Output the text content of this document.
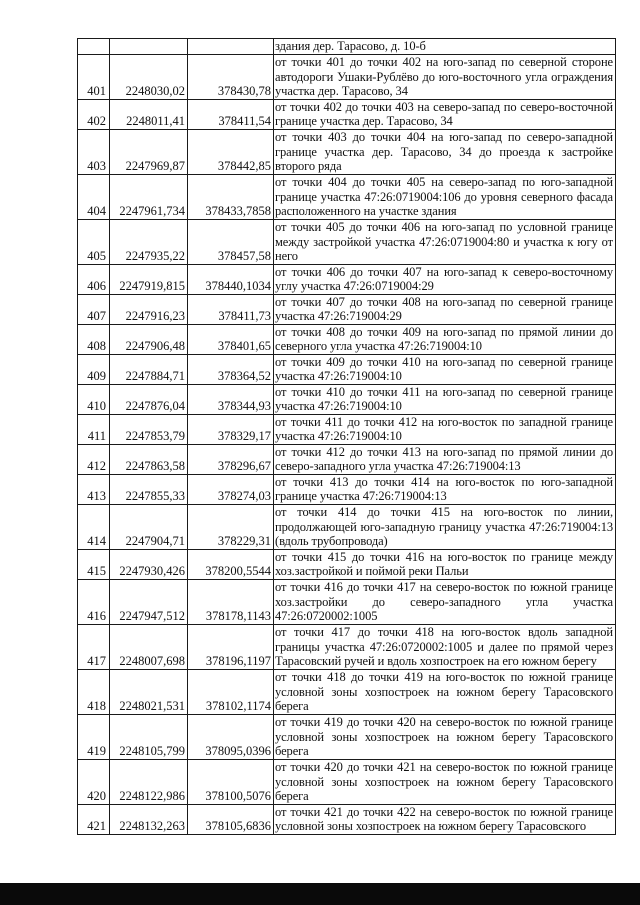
			здания дер. Тарасово, д. 10-б
401	2248030,02	378430,78	от точки 401 до точки 402 на юго-запад по северной стороне автодороги Ушаки-Рублёво до юго-восточного угла ограждения участка дер. Тарасово, 34
402	2248011,41	378411,54	от точки 402 до точки 403 на северо-запад по северо-восточной границе участка дер. Тарасово, 34
403	2247969,87	378442,85	от точки 403 до точки 404 на юго-запад по северо-западной границе участка дер. Тарасово, 34 до проезда к застройке второго ряда
404	2247961,734	378433,7858	от точки 404 до точки 405 на северо-запад по юго-западной границе участка 47:26:0719004:106 до уровня северного фасада расположенного на участке здания
405	2247935,22	378457,58	от точки 405 до точки 406 на юго-запад по условной границе между застройкой участка 47:26:0719004:80 и участка к югу от него
406	2247919,815	378440,1034	от точки 406 до точки 407 на юго-запад к северо-восточному углу участка 47:26:0719004:29
407	2247916,23	378411,73	от точки 407 до точки 408 на юго-запад по северной границе участка 47:26:719004:29
408	2247906,48	378401,65	от точки 408 до точки 409 на юго-запад по прямой линии до северного угла участка 47:26:719004:10
409	2247884,71	378364,52	от точки 409 до точки 410 на юго-запад по северной границе участка 47:26:719004:10
410	2247876,04	378344,93	от точки 410 до точки 411 на юго-запад по северной границе участка 47:26:719004:10
411	2247853,79	378329,17	от точки 411 до точки 412 на юго-восток по западной границе участка 47:26:719004:10
412	2247863,58	378296,67	от точки 412 до точки 413 на юго-запад по прямой линии до северо-западного угла участка 47:26:719004:13
413	2247855,33	378274,03	от точки 413 до точки 414 на юго-восток по юго-западной границе участка 47:26:719004:13
414	2247904,71	378229,31	от точки 414 до точки 415 на юго-восток по линии, продолжающей юго-западную границу участка 47:26:719004:13 (вдоль трубопровода)
415	2247930,426	378200,5544	от точки 415 до точки 416 на юго-восток по границе между хоз.застройкой и поймой реки Пальи
416	2247947,512	378178,1143	от точки 416 до точки 417 на северо-восток по южной границе хоз.застройки до северо-западного угла участка 47:26:0720002:1005
417	2248007,698	378196,1197	от точки 417 до точки 418 на юго-восток вдоль западной границы участка 47:26:0720002:1005 и далее по прямой через Тарасовский ручей и вдоль хозпостроек на его южном берегу
418	2248021,531	378102,1174	от точки 418 до точки 419 на юго-восток по южной границе условной зоны хозпостроек на южном берегу Тарасовского берега
419	2248105,799	378095,0396	от точки 419 до точки 420 на северо-восток по южной границе условной зоны хозпостроек на южном берегу Тарасовского берега
420	2248122,986	378100,5076	от точки 420 до точки 421 на северо-восток по южной границе условной зоны хозпостроек на южном берегу Тарасовского берега
421	2248132,263	378105,6836	от точки 421 до точки 422 на северо-восток по южной границе условной зоны хозпостроек на южном берегу Тарасовского
